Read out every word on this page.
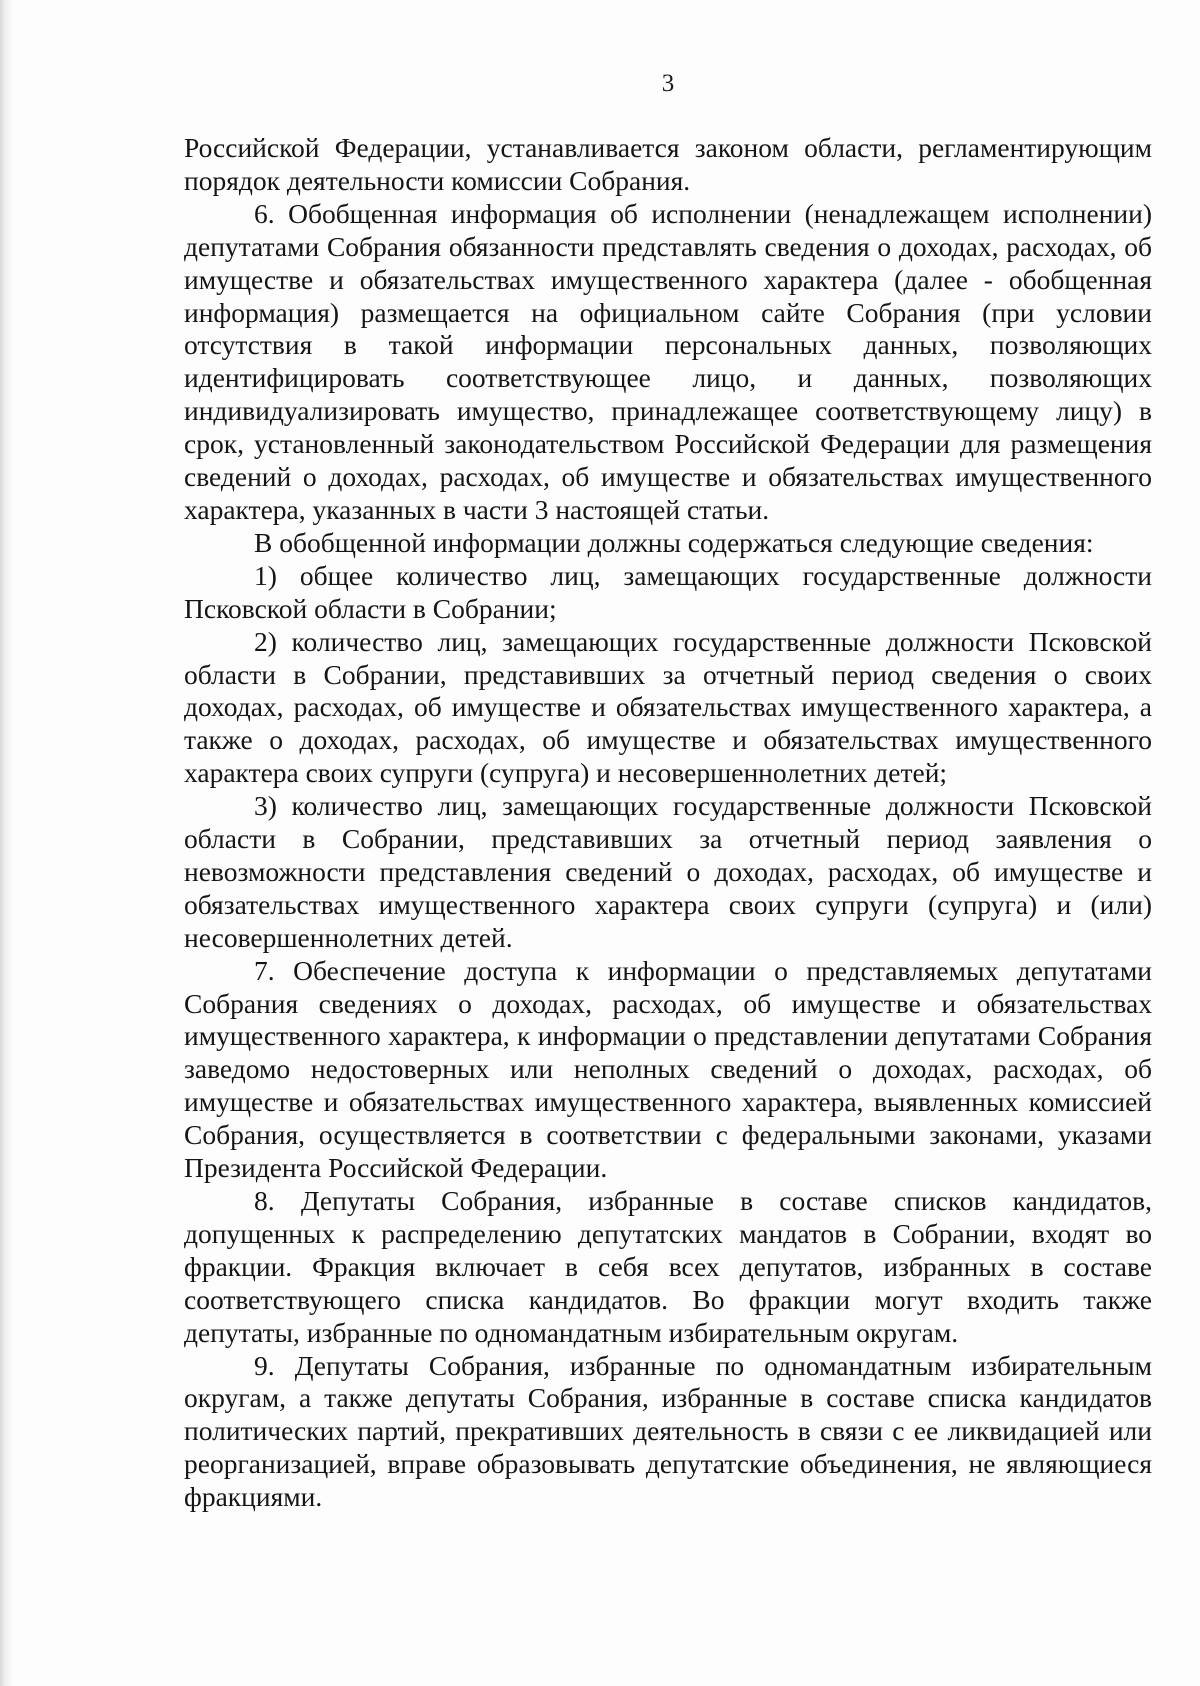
3

Российской Федерации, устанавливается законом области, регламентирующим порядок деятельности комиссии Собрания.

6. Обобщенная информация об исполнении (ненадлежащем исполнении) депутатами Собрания обязанности представлять сведения о доходах, расходах, об имуществе и обязательствах имущественного характера (далее - обобщенная информация) размещается на официальном сайте Собрания (при условии отсутствия в такой информации персональных данных, позволяющих идентифицировать соответствующее лицо, и данных, позволяющих индивидуализировать имущество, принадлежащее соответствующему лицу) в срок, установленный законодательством Российской Федерации для размещения сведений о доходах, расходах, об имуществе и обязательствах имущественного характера, указанных в части 3 настоящей статьи.

В обобщенной информации должны содержаться следующие сведения:

1) общее количество лиц, замещающих государственные должности Псковской области в Собрании;

2) количество лиц, замещающих государственные должности Псковской области в Собрании, представивших за отчетный период сведения о своих доходах, расходах, об имуществе и обязательствах имущественного характера, а также о доходах, расходах, об имуществе и обязательствах имущественного характера своих супруги (супруга) и несовершеннолетних детей;

3) количество лиц, замещающих государственные должности Псковской области в Собрании, представивших за отчетный период заявления о невозможности представления сведений о доходах, расходах, об имуществе и обязательствах имущественного характера своих супруги (супруга) и (или) несовершеннолетних детей.

7. Обеспечение доступа к информации о представляемых депутатами Собрания сведениях о доходах, расходах, об имуществе и обязательствах имущественного характера, к информации о представлении депутатами Собрания заведомо недостоверных или неполных сведений о доходах, расходах, об имуществе и обязательствах имущественного характера, выявленных комиссией Собрания, осуществляется в соответствии с федеральными законами, указами Президента Российской Федерации.

8. Депутаты Собрания, избранные в составе списков кандидатов, допущенных к распределению депутатских мандатов в Собрании, входят во фракции. Фракция включает в себя всех депутатов, избранных в составе соответствующего списка кандидатов. Во фракции могут входить также депутаты, избранные по одномандатным избирательным округам.

9. Депутаты Собрания, избранные по одномандатным избирательным округам, а также депутаты Собрания, избранные в составе списка кандидатов политических партий, прекративших деятельность в связи с ее ликвидацией или реорганизацией, вправе образовывать депутатские объединения, не являющиеся фракциями.
